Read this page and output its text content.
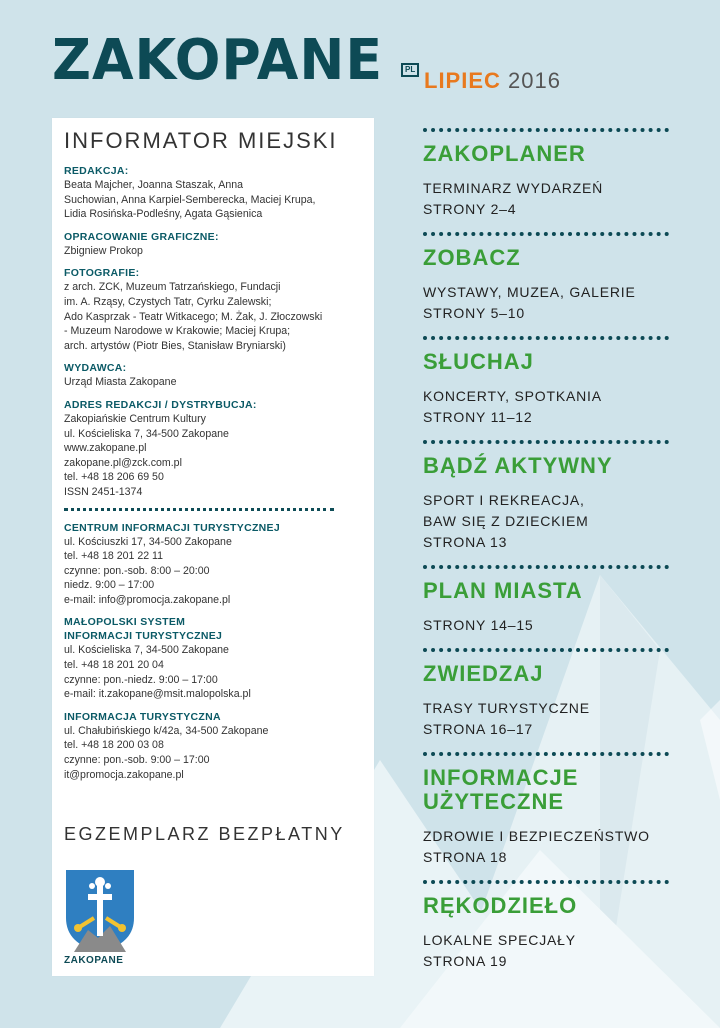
ZAKOPANE	PL LIPIEC 2016
INFORMATOR MIEJSKI
REDAKCJA:
Beata Majcher, Joanna Staszak, Anna
Suchowian, Anna Karpiel-Semberecka, Maciej Krupa,
Lidia Rosińska-Podleśny, Agata Gąsienica
OPRACOWANIE GRAFICZNE:
Zbigniew Prokop
FOTOGRAFIE:
z arch. ZCK, Muzeum Tatrzańskiego, Fundacji
im. A. Rząsy, Czystych Tatr, Cyrku Zalewski;
Ado Kasprzak - Teatr Witkacego; M. Żak, J. Złoczowski
- Muzeum Narodowe w Krakowie; Maciej Krupa;
arch. artystów (Piotr Bies, Stanisław Bryniarski)
WYDAWCA:
Urząd Miasta Zakopane
ADRES REDAKCJI / DYSTRYBUCJA:
Zakopiańskie Centrum Kultury
ul. Kościeliska 7, 34-500 Zakopane
www.zakopane.pl
zakopane.pl@zck.com.pl
tel. +48 18 206 69 50
ISSN 2451-1374
CENTRUM INFORMACJI TURYSTYCZNEJ
ul. Kościuszki 17, 34-500 Zakopane
tel. +48 18 201 22 11
czynne: pon.-sob. 8:00 – 20:00
niedz. 9:00 – 17:00
e-mail: info@promocja.zakopane.pl
MAŁOPOLSKI SYSTEM
INFORMACJI TURYSTYCZNEJ
ul. Kościeliska 7, 34-500 Zakopane
tel. +48 18 201 20 04
czynne: pon.-niedz. 9:00 – 17:00
e-mail: it.zakopane@msit.malopolska.pl
INFORMACJA TURYSTYCZNA
ul. Chałubińskiego k/42a, 34-500 Zakopane
tel. +48 18 200 03 08
czynne: pon.-sob. 9:00 – 17:00
it@promocja.zakopane.pl
EGZEMPLARZ BEZPŁATNY
ZAKOPANE
ZAKOPLANER
TERMINARZ WYDARZEŃ
STRONY 2–4
ZOBACZ
WYSTAWY, MUZEA, GALERIE
STRONY 5–10
SŁUCHAJ
KONCERTY, SPOTKANIA
STRONY 11–12
BĄDŹ AKTYWNY
SPORT I REKREACJA,
BAW SIĘ Z DZIECKIEM
STRONA 13
PLAN MIASTA
STRONY 14–15
ZWIEDZAJ
TRASY TURYSTYCZNE
STRONA 16–17
INFORMACJE
UŻYTECZNE
ZDROWIE I BEZPIECZEŃSTWO
STRONA 18
RĘKODZIEŁO
LOKALNE SPECJAŁY
STRONA 19
